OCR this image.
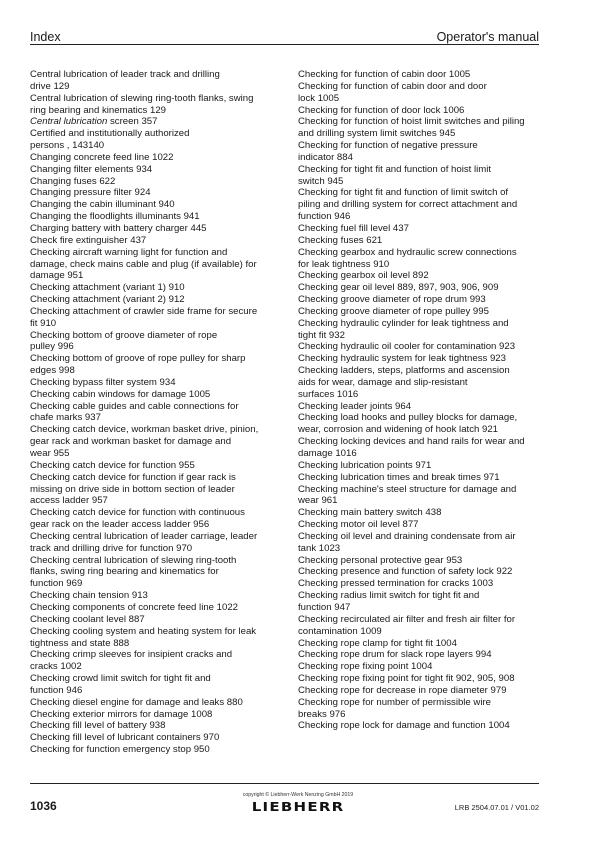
Index	Operator's manual
Central lubrication of leader track and drilling
drive 129
Central lubrication of slewing ring-tooth flanks, swing
ring bearing and kinematics 129
Central lubrication screen 357
Certified and institutionally authorized
persons , 143140
Changing concrete feed line 1022
Changing filter elements 934
Changing fuses 622
Changing pressure filter 924
Changing the cabin illuminant 940
Changing the floodlights illuminants 941
Charging battery with battery charger 445
Check fire extinguisher 437
Checking aircraft warning light for function and
damage, check mains cable and plug (if available) for
damage 951
Checking attachment (variant 1) 910
Checking attachment (variant 2) 912
Checking attachment of crawler side frame for secure
fit 910
Checking bottom of groove diameter of rope
pulley 996
Checking bottom of groove of rope pulley for sharp
edges 998
Checking bypass filter system 934
Checking cabin windows for damage 1005
Checking cable guides and cable connections for
chafe marks 937
Checking catch device, workman basket drive, pinion,
gear rack and workman basket for damage and
wear 955
Checking catch device for function 955
Checking catch device for function if gear rack is
missing on drive side in bottom section of leader
access ladder 957
Checking catch device for function with continuous
gear rack on the leader access ladder 956
Checking central lubrication of leader carriage, leader
track and drilling drive for function 970
Checking central lubrication of slewing ring-tooth
flanks, swing ring bearing and kinematics for
function 969
Checking chain tension 913
Checking components of concrete feed line 1022
Checking coolant level 887
Checking cooling system and heating system for leak
tightness and state 888
Checking crimp sleeves for insipient cracks and
cracks 1002
Checking crowd limit switch for tight fit and
function 946
Checking diesel engine for damage and leaks 880
Checking exterior mirrors for damage 1008
Checking fill level of battery 938
Checking fill level of lubricant containers 970
Checking for function emergency stop 950
Checking for function of cabin door 1005
Checking for function of cabin door and door
lock 1005
Checking for function of door lock 1006
Checking for function of hoist limit switches and piling
and drilling system limit switches 945
Checking for function of negative pressure
indicator 884
Checking for tight fit and function of hoist limit
switch 945
Checking for tight fit and function of limit switch of
piling and drilling system for correct attachment and
function 946
Checking fuel fill level 437
Checking fuses 621
Checking gearbox and hydraulic screw connections
for leak tightness 910
Checking gearbox oil level 892
Checking gear oil level 889, 897, 903, 906, 909
Checking groove diameter of rope drum 993
Checking groove diameter of rope pulley 995
Checking hydraulic cylinder for leak tightness and
tight fit 932
Checking hydraulic oil cooler for contamination 923
Checking hydraulic system for leak tightness 923
Checking ladders, steps, platforms and ascension
aids for wear, damage and slip-resistant
surfaces 1016
Checking leader joints 964
Checking load hooks and pulley blocks for damage,
wear, corrosion and widening of hook latch 921
Checking locking devices and hand rails for wear and
damage 1016
Checking lubrication points 971
Checking lubrication times and break times 971
Checking machine's steel structure for damage and
wear 961
Checking main battery switch 438
Checking motor oil level 877
Checking oil level and draining condensate from air
tank 1023
Checking personal protective gear 953
Checking presence and function of safety lock 922
Checking pressed termination for cracks 1003
Checking radius limit switch for tight fit and
function 947
Checking recirculated air filter and fresh air filter for
contamination 1009
Checking rope clamp for tight fit 1004
Checking rope drum for slack rope layers 994
Checking rope fixing point 1004
Checking rope fixing point for tight fit 902, 905, 908
Checking rope for decrease in rope diameter 979
Checking rope for number of permissible wire
breaks 976
Checking rope lock for damage and function 1004
copyright © Liebherr-Werk Nenzing GmbH 2019
LIEBHERR
1036	LRB 2504.07.01 / V01.02
